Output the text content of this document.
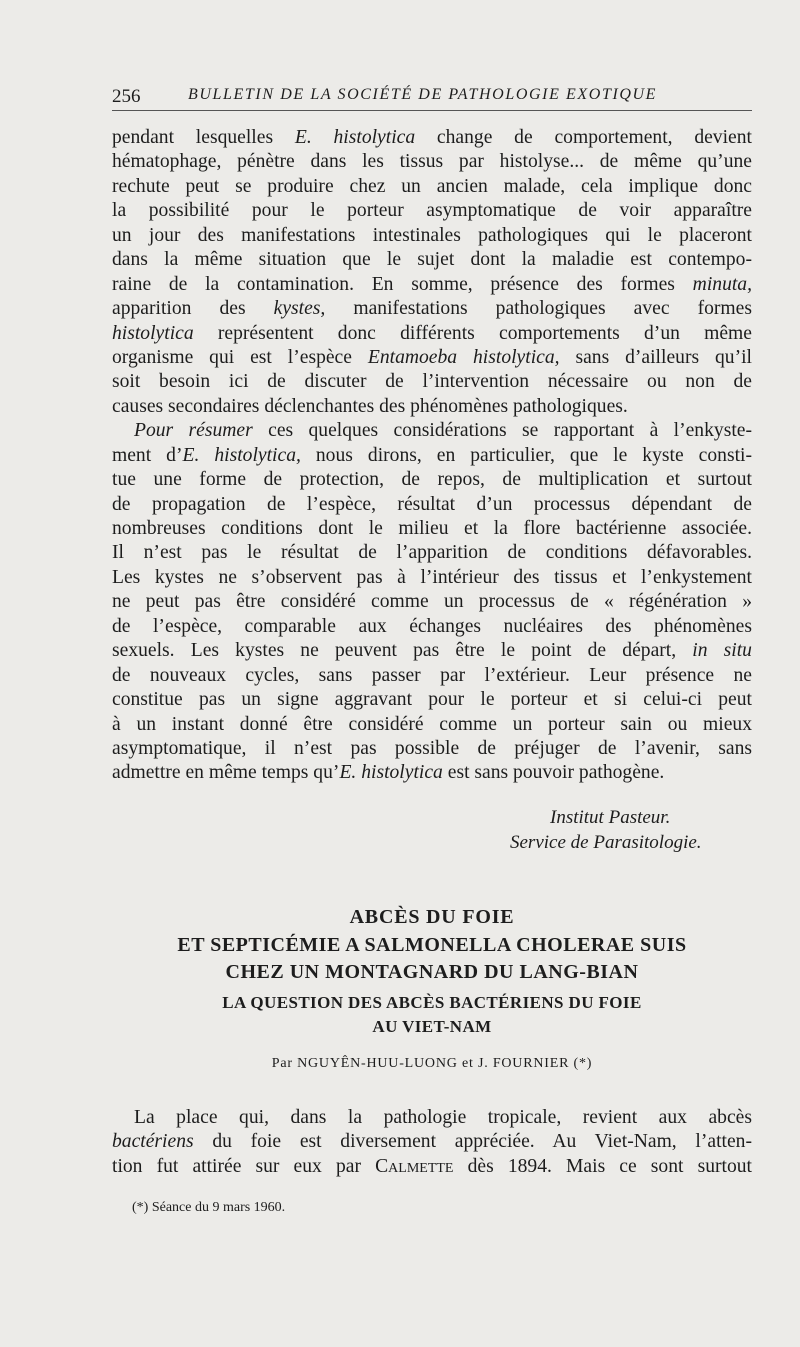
256	BULLETIN DE LA SOCIÉTÉ DE PATHOLOGIE EXOTIQUE
pendant lesquelles E. histolytica change de comportement, devient
hématophage, pénètre dans les tissus par histolyse... de même qu’une
rechute peut se produire chez un ancien malade, cela implique donc
la possibilité pour le porteur asymptomatique de voir apparaître
un jour des manifestations intestinales pathologiques qui le placeront
dans la même situation que le sujet dont la maladie est contempo-
raine de la contamination. En somme, présence des formes minuta,
apparition des kystes, manifestations pathologiques avec formes
histolytica représentent donc différents comportements d’un même
organisme qui est l’espèce Entamoeba histolytica, sans d’ailleurs qu’il
soit besoin ici de discuter de l’intervention nécessaire ou non de
causes secondaires déclenchantes des phénomènes pathologiques.
Pour résumer ces quelques considérations se rapportant à l’enkyste-
ment d’E. histolytica, nous dirons, en particulier, que le kyste consti-
tue une forme de protection, de repos, de multiplication et surtout
de propagation de l’espèce, résultat d’un processus dépendant de
nombreuses conditions dont le milieu et la flore bactérienne associée.
Il n’est pas le résultat de l’apparition de conditions défavorables.
Les kystes ne s’observent pas à l’intérieur des tissus et l’enkystement
ne peut pas être considéré comme un processus de « régénération »
de l’espèce, comparable aux échanges nucléaires des phénomènes
sexuels. Les kystes ne peuvent pas être le point de départ, in situ
de nouveaux cycles, sans passer par l’extérieur. Leur présence ne
constitue pas un signe aggravant pour le porteur et si celui-ci peut
à un instant donné être considéré comme un porteur sain ou mieux
asymptomatique, il n’est pas possible de préjuger de l’avenir, sans
admettre en même temps qu’E. histolytica est sans pouvoir pathogène.
Institut Pasteur.
Service de Parasitologie.
ABCÈS DU FOIE
ET SEPTICÉMIE A SALMONELLA CHOLERAE SUIS
CHEZ UN MONTAGNARD DU LANG-BIAN
LA QUESTION DES ABCÈS BACTÉRIENS DU FOIE
AU VIET-NAM
Par NGUYÊN-HUU-LUONG et J. FOURNIER (*)
La place qui, dans la pathologie tropicale, revient aux abcès
bactériens du foie est diversement appréciée. Au Viet-Nam, l’atten-
tion fut attirée sur eux par Calmette dès 1894. Mais ce sont surtout
(*) Séance du 9 mars 1960.
